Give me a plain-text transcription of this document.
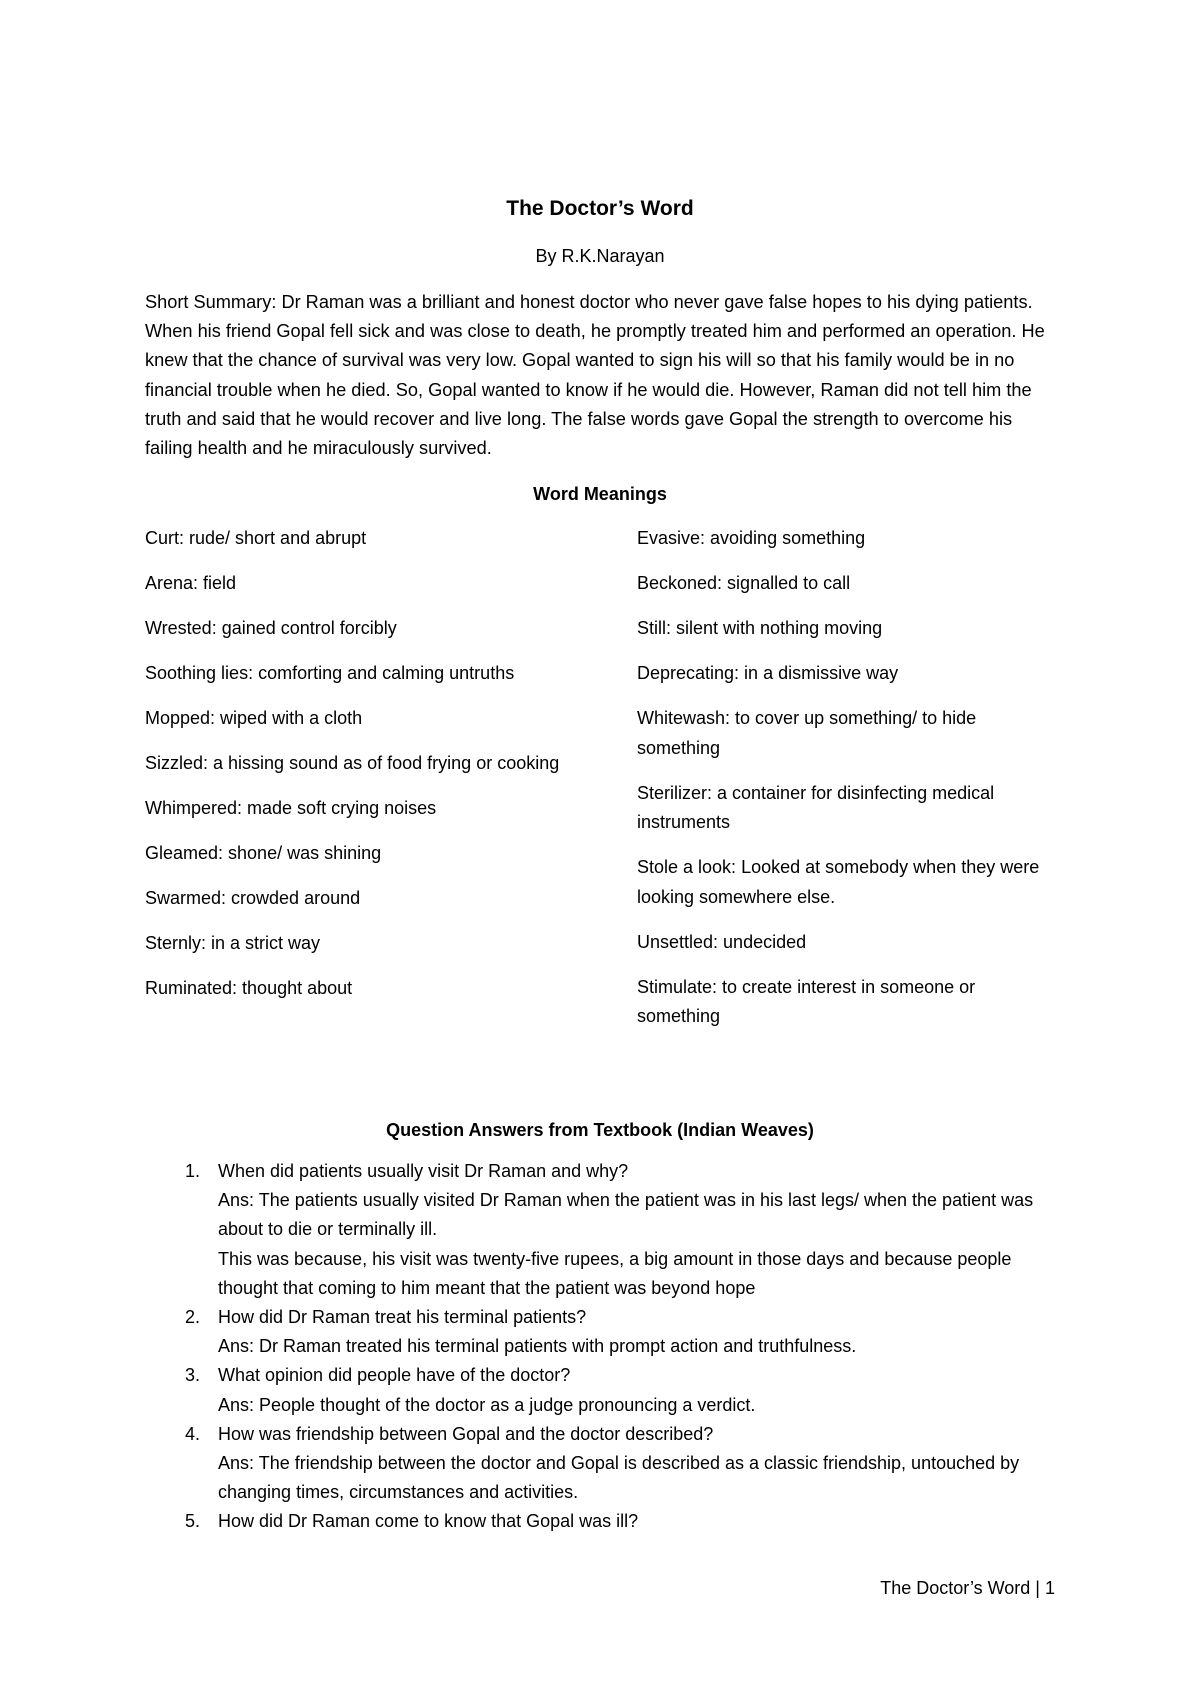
The Doctor’s Word
By R.K.Narayan

Short Summary: Dr Raman was a brilliant and honest doctor who never gave false hopes to his dying patients. When his friend Gopal fell sick and was close to death, he promptly treated him and performed an operation. He knew that the chance of survival was very low. Gopal wanted to sign his will so that his family would be in no financial trouble when he died. So, Gopal wanted to know if he would die. However, Raman did not tell him the truth and said that he would recover and live long. The false words gave Gopal the strength to overcome his failing health and he miraculously survived.

Word Meanings
Curt: rude/ short and abrupt
Arena: field
Wrested: gained control forcibly
Soothing lies: comforting and calming untruths
Mopped: wiped with a cloth
Sizzled: a hissing sound as of food frying or cooking
Whimpered: made soft crying noises
Gleamed: shone/ was shining
Swarmed: crowded around
Sternly: in a strict way
Ruminated: thought about
Evasive: avoiding something
Beckoned: signalled to call
Still: silent with nothing moving
Deprecating: in a dismissive way
Whitewash: to cover up something/ to hide something
Sterilizer: a container for disinfecting medical instruments
Stole a look: Looked at somebody when they were looking somewhere else.
Unsettled: undecided
Stimulate: to create interest in someone or something
Question Answers from Textbook (Indian Weaves)
1. When did patients usually visit Dr Raman and why?
Ans: The patients usually visited Dr Raman when the patient was in his last legs/ when the patient was about to die or terminally ill.
This was because, his visit was twenty-five rupees, a big amount in those days and because people thought that coming to him meant that the patient was beyond hope
2. How did Dr Raman treat his terminal patients?
Ans: Dr Raman treated his terminal patients with prompt action and truthfulness.
3. What opinion did people have of the doctor?
Ans: People thought of the doctor as a judge pronouncing a verdict.
4. How was friendship between Gopal and the doctor described?
Ans: The friendship between the doctor and Gopal is described as a classic friendship, untouched by changing times, circumstances and activities.
5. How did Dr Raman come to know that Gopal was ill?
The Doctor’s Word | 1
